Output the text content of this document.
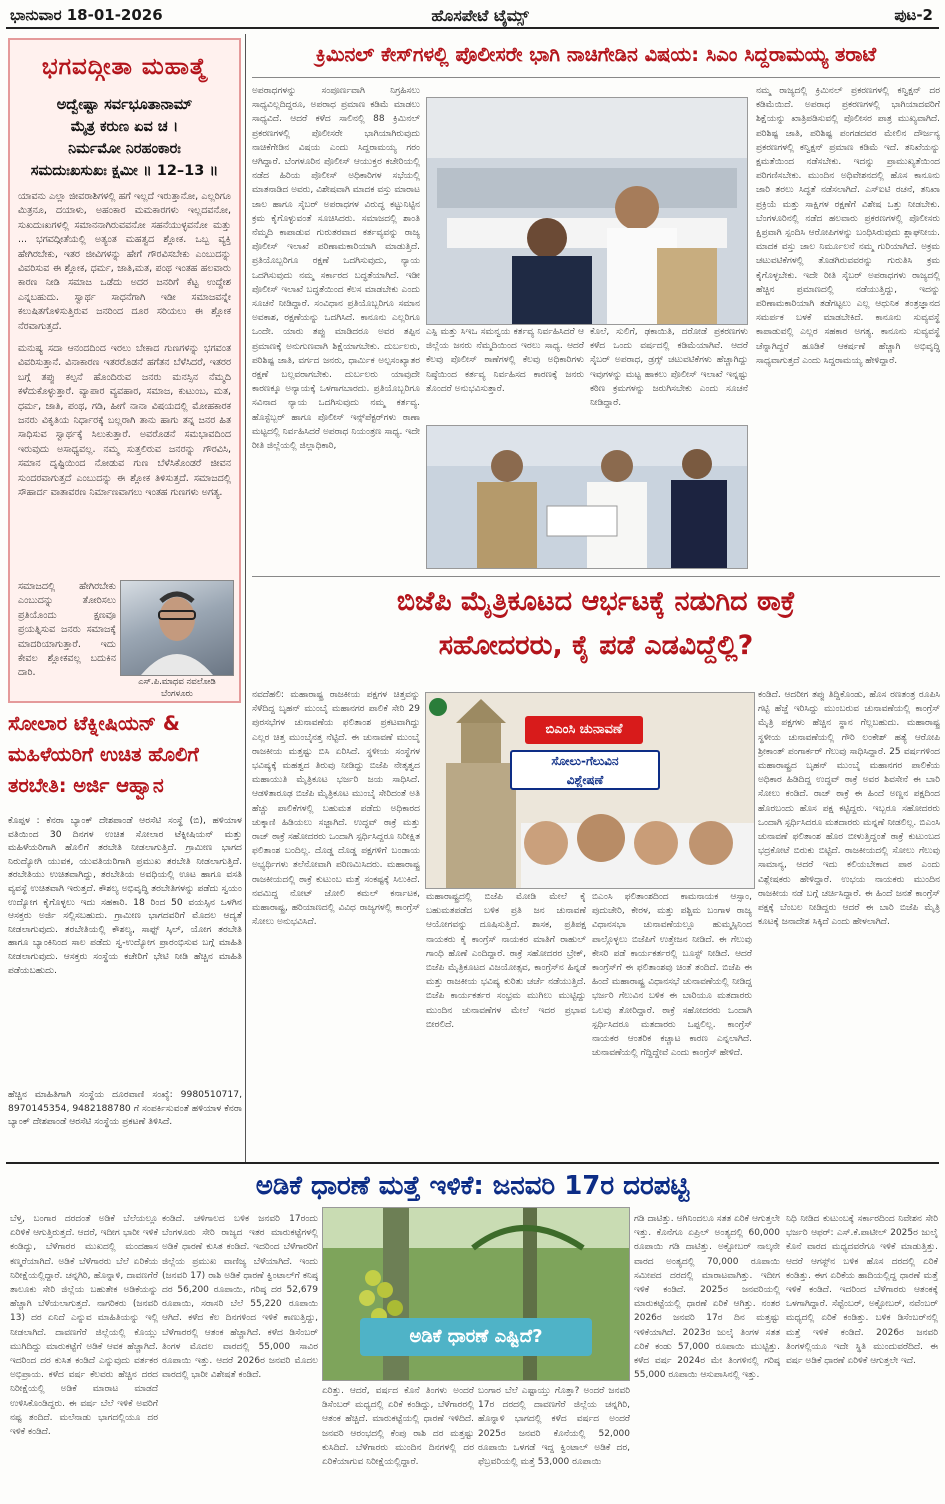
ಭಾನುವಾರ 18-01-2026	ಹೊಸಪೇಟೆ ಟೈಮ್ಸ್	ಪುಟ-2
ಭಗವದ್ಗೀತಾ ಮಹಾತ್ಮೆ
ಅದ್ವೇಷ್ಟಾ ಸರ್ವಭೂತಾನಾಮ್
ಮೈತ್ರ ಕರುಣ ಏವ ಚ ।
ನಿರ್ಮಮೋ ನಿರಹಂಕಾರಃ
ಸಮದುಃಖಸುಖಃ ಕ್ಷಮೀ ॥ 12–13 ॥
ಯಾವನು ಎಲ್ಲಾ ಜೀವರಾಶಿಗಳಲ್ಲಿ ಹಗೆ ಇಲ್ಲದೆ ಇರುತ್ತಾನೋ, ಎಲ್ಲರಿಗೂ ಮಿತ್ರನೂ, ದಯಾಳು, ಅಹಂಕಾರ ಮಮಕಾರಗಳು ಇಲ್ಲದವನೋ, ಸುಖದುಃಖಗಳಲ್ಲಿ ಸಮಾನನಾಗಿರುವವನೋ ಸಹನೆಯುಳ್ಳವನೋ ಮತ್ತು ... ಭಗವದ್ಗೀತೆಯಲ್ಲಿ ಅತ್ಯಂತ ಮಹತ್ವದ ಶ್ಲೋಕ. ಒಬ್ಬ ವ್ಯಕ್ತಿ ಹೇಗಿರಬೇಕು, ಇತರ ಜೀವಿಗಳನ್ನು ಹೇಗೆ ಗೌರವಿಸಬೇಕು ಎಂಬುದನ್ನು ವಿವರಿಸುವ ಈ ಶ್ಲೋಕ, ಧರ್ಮ, ಜಾತಿ,ಮತ, ಪಂಥ ಇಂತಹ ಹಲವಾರು ಕಾರಣ ನೀಡಿ ಸಮಾಜ ಒಡೆದು ಅದರ ಜನರಿಗೆ ಕೆಟ್ಟ ಉದ್ದೇಶ ಎನ್ನಬಹುದು. ಸ್ವಾರ್ಥ ಸಾಧನೆಗಾಗಿ ಇಡೀ ಸಮಾಜವನ್ನೇ ಕಲುಷಿತಗೊಳಿಸುತ್ತಿರುವ ಜನರಿಂದ ದೂರ ಸರಿಯಲು ಈ ಶ್ಲೋಕ ನೆರವಾಗುತ್ತದೆ.
ಮನುಷ್ಯ ಸದಾ ಆನಂದದಿಂದ ಇರಲು ಬೇಕಾದ ಗುಣಗಳನ್ನು ಭಗವಂತ ವಿವರಿಸುತ್ತಾನೆ. ವಿನಾಕಾರಣ ಇತರರೊಡನೆ ಹಗೆತನ ಬೆಳೆಸಿದರೆ, ಇತರರ ಬಗ್ಗೆ ತಪ್ಪು ಕಲ್ಪನೆ ಹೊಂದಿರುವ ಜನರು ಮನಸ್ಸಿನ ನೆಮ್ಮದಿ ಕಳೆದುಕೊಳ್ಳುತ್ತಾರೆ. ವ್ಯಾಪಾರ ವ್ಯವಹಾರ, ಸಮಾಜ, ಕುಟುಂಬ, ಮತ, ಧರ್ಮ, ಜಾತಿ, ಪಂಥ, ಗಡಿ, ಹೀಗೆ ನಾನಾ ವಿಷಯದಲ್ಲಿ ಮೋಹಕಾರಕ ಜನರು ವಿಕೃತಿಯ ನಿರ್ಧಾರಕ್ಕೆ ಬಲ್ಲರಾಗಿ ತಾನು ಹಾಗು ತನ್ನ ಜನರ ಹಿತ ಸಾಧಿಸುವ ಸ್ವಾರ್ಥಕ್ಕೆ ಸಿಲುಕುತ್ತಾರೆ. ಅವರೊಡನೆ ಸಮಭಾವದಿಂದ ಇರುವುದು ಅಸಾಧ್ಯವಲ್ಲ. ನಮ್ಮ ಸುತ್ತಲಿರುವ ಜನರನ್ನು ಗೌರವಿಸಿ, ಸಮಾನ ದೃಷ್ಟಿಯಿಂದ ನೋಡುವ ಗುಣ ಬೆಳೆಸಿಕೊಂಡರೆ ಜೀವನ ಸುಂದರವಾಗುತ್ತದೆ ಎಂಬುದನ್ನು ಈ ಶ್ಲೋಕ ತಿಳಿಸುತ್ತದೆ. ಸಮಾಜದಲ್ಲಿ ಸೌಹಾರ್ದ ವಾತಾವರಣ ನಿರ್ಮಾಣವಾಗಲು ಇಂತಹ ಗುಣಗಳು ಅಗತ್ಯ.
ಸಮಾಜದಲ್ಲಿ ಹೇಗಿರಬೇಕು ಎಂಬುದನ್ನು ತೋರಿಸಲು ಪ್ರತಿಯೊಂದು ಕ್ಷಣವೂ ಪ್ರಯತ್ನಿಸುವ ಜನರು ಸಮಾಜಕ್ಕೆ ಮಾದರಿಯಾಗುತ್ತಾರೆ. ಇದು ಕೇವಲ ಶ್ಲೋಕವಲ್ಲ ಬದುಕಿನ ದಾರಿ.
ಎಸ್.ಪಿ.ಮಾಧವ ನವಲೋಡಿ
ಬೆಂಗಳೂರು
ಸೋಲಾರ ಟೆಕ್ನೀಷಿಯನ್ &
ಮಹಿಳೆಯರಿಗೆ ಉಚಿತ ಹೊಲಿಗೆ
ತರಬೇತಿ: ಅರ್ಜಿ ಆಹ್ವಾನ
ಕೊಪ್ಪಳ : ಕೆನರಾ ಬ್ಯಾಂಕ್ ದೇಶಪಾಂಡೆ ಆರಸೆಟಿ ಸಂಸ್ಥೆ (ಬಿ), ಹಳಿಯಾಳ ವತಿಯಿಂದ 30 ದಿನಗಳ ಉಚಿತ ಸೋಲಾರ ಟೆಕ್ನೀಷಿಯನ್ ಮತ್ತು ಮಹಿಳೆಯರಿಗಾಗಿ ಹೊಲಿಗೆ ತರಬೇತಿ ನೀಡಲಾಗುತ್ತಿದೆ. ಗ್ರಾಮೀಣ ಭಾಗದ ನಿರುದ್ಯೋಗಿ ಯುವಕ, ಯುವತಿಯರಿಗಾಗಿ ಪ್ರಮುಖ ತರಬೇತಿ ನೀಡಲಾಗುತ್ತಿದೆ. ತರಬೇತಿಯು ಉಚಿತವಾಗಿದ್ದು, ತರಬೇತಿಯ ಅವಧಿಯಲ್ಲಿ ಊಟ ಹಾಗೂ ವಸತಿ ವ್ಯವಸ್ಥೆ ಉಚಿತವಾಗಿ ಇರುತ್ತದೆ. ಕೌಶಲ್ಯ ಅಭಿವೃದ್ಧಿ ತರಬೇತಿಗಳನ್ನು ಪಡೆದು ಸ್ವಯಂ ಉದ್ಯೋಗ ಕೈಗೊಳ್ಳಲು ಇದು ಸಹಕಾರಿ. 18 ರಿಂದ 50 ವಯಸ್ಸಿನ ಒಳಗಿನ ಆಸಕ್ತರು ಅರ್ಜಿ ಸಲ್ಲಿಸಬಹುದು. ಗ್ರಾಮೀಣ ಭಾಗದವರಿಗೆ ಮೊದಲ ಆದ್ಯತೆ ನೀಡಲಾಗುವುದು. ತರಬೇತಿಯಲ್ಲಿ ಕೌಶಲ್ಯ, ಸಾಫ್ಟ್ ಸ್ಕಿಲ್, ಯೋಗ ತರಬೇತಿ ಹಾಗೂ ಬ್ಯಾಂಕಿನಿಂದ ಸಾಲ ಪಡೆದು ಸ್ವ-ಉದ್ಯೋಗ ಪ್ರಾರಂಭಿಸುವ ಬಗ್ಗೆ ಮಾಹಿತಿ ನೀಡಲಾಗುವುದು. ಆಸಕ್ತರು ಸಂಸ್ಥೆಯ ಕಚೇರಿಗೆ ಭೇಟಿ ನೀಡಿ ಹೆಚ್ಚಿನ ಮಾಹಿತಿ ಪಡೆಯಬಹುದು.
ಹೆಚ್ಚಿನ ಮಾಹಿತಿಗಾಗಿ ಸಂಸ್ಥೆಯ ದೂರವಾಣಿ ಸಂಖ್ಯೆ: 9980510717, 8970145354, 9482188780 ಗೆ ಸಂಪರ್ಕಿಸುವಂತೆ ಹಳಿಯಾಳ ಕೆನರಾ ಬ್ಯಾಂಕ್ ದೇಶಪಾಂಡೆ ಆರಸೆಟಿ ಸಂಸ್ಥೆಯ ಪ್ರಕಟಣೆ ತಿಳಿಸಿದೆ.
ಕ್ರಿಮಿನಲ್ ಕೇಸ್‌ಗಳಲ್ಲಿ ಪೊಲೀಸರೇ ಭಾಗಿ ನಾಚಿಗೇಡಿನ ವಿಷಯ: ಸಿಎಂ ಸಿದ್ದರಾಮಯ್ಯ ತರಾಟೆ
ಅಪರಾಧಗಳನ್ನು ಸಂಪೂರ್ಣವಾಗಿ ನಿಗ್ರಹಿಸಲು ಸಾಧ್ಯವಿಲ್ಲದಿದ್ದರೂ, ಅಪರಾಧ ಪ್ರಮಾಣ ಕಡಿಮೆ ಮಾಡಲು ಸಾಧ್ಯವಿದೆ. ಆದರೆ ಕಳೆದ ಸಾಲಿನಲ್ಲಿ 88 ಕ್ರಿಮಿನಲ್ ಪ್ರಕರಣಗಳಲ್ಲಿ ಪೊಲೀಸರೇ ಭಾಗಿಯಾಗಿರುವುದು ನಾಚಿಕೆಗೇಡಿನ ವಿಷಯ ಎಂದು ಸಿದ್ದರಾಮಯ್ಯ ಗರಂ ಆಗಿದ್ದಾರೆ. ಬೆಂಗಳೂರಿನ ಪೊಲೀಸ್ ಆಯುಕ್ತರ ಕಚೇರಿಯಲ್ಲಿ ನಡೆದ ಹಿರಿಯ ಪೊಲೀಸ್ ಅಧಿಕಾರಿಗಳ ಸಭೆಯಲ್ಲಿ ಮಾತನಾಡಿದ ಅವರು, ವಿಶೇಷವಾಗಿ ಮಾದಕ ವಸ್ತು ಮಾರಾಟ ಜಾಲ ಹಾಗೂ ಸೈಬರ್ ಅಪರಾಧಗಳ ವಿರುದ್ಧ ಕಟ್ಟುನಿಟ್ಟಿನ ಕ್ರಮ ಕೈಗೊಳ್ಳುವಂತೆ ಸೂಚಿಸಿದರು. ಸಮಾಜದಲ್ಲಿ ಶಾಂತಿ ನೆಮ್ಮದಿ ಕಾಪಾಡುವ ಗುರುತರವಾದ ಕರ್ತವ್ಯವನ್ನು ರಾಜ್ಯ ಪೊಲೀಸ್ ಇಲಾಖೆ ಪರಿಣಾಮಕಾರಿಯಾಗಿ ಮಾಡುತ್ತಿದೆ. ಪ್ರತಿಯೊಬ್ಬರಿಗೂ ರಕ್ಷಣೆ ಒದಗಿಸುವುದು, ನ್ಯಾಯ ಒದಗಿಸುವುದು ನಮ್ಮ ಸರ್ಕಾರದ ಬದ್ಧತೆಯಾಗಿದೆ. ಇಡೀ ಪೊಲೀಸ್ ಇಲಾಖೆ ಬದ್ಧತೆಯಿಂದ ಕೆಲಸ ಮಾಡಬೇಕು ಎಂದು ಸೂಚನೆ ನೀಡಿದ್ದಾರೆ. ಸಂವಿಧಾನ ಪ್ರತಿಯೊಬ್ಬರಿಗೂ ಸಮಾನ ಅವಕಾಶ, ರಕ್ಷಣೆಯನ್ನು ಒದಗಿಸಿದೆ. ಕಾನೂನು ಎಲ್ಲರಿಗೂ ಒಂದೇ. ಯಾರು ತಪ್ಪು ಮಾಡಿದರೂ ಅವರ ತಪ್ಪಿನ ಪ್ರಮಾಣಕ್ಕೆ ಅನುಗುಣವಾಗಿ ಶಿಕ್ಷೆಯಾಗಬೇಕು. ದುರ್ಬಲರು, ಪರಿಶಿಷ್ಟ ಜಾತಿ, ವರ್ಗದ ಜನರು, ಧಾರ್ಮಿಕ ಅಲ್ಪಸಂಖ್ಯಾತರ ರಕ್ಷಣೆ ಬಲ್ಲವರಾಗಬೇಕು. ದುರ್ಬಲರು ಯಾವುದೇ ಕಾರಣಕ್ಕೂ ಅನ್ಯಾಯಕ್ಕೆ ಒಳಗಾಗಬಾರದು. ಪ್ರತಿಯೊಬ್ಬರಿಗೂ ಸವಿನಾದ ನ್ಯಾಯ ಒದಗಿಸುವುದು ನಮ್ಮ ಕರ್ತವ್ಯ. ಹೊಸ್ಟೆಬ್ಬರ್ ಹಾಗೂ ಪೊಲೀಸ್ ಇನ್ಸ್‌ಪೆಕ್ಟರ್‌ಗಳು ಠಾಣಾ ಮಟ್ಟದಲ್ಲಿ ನಿರ್ವಹಿಸಿದರೆ ಅಪರಾಧ ನಿಯಂತ್ರಣ ಸಾಧ್ಯ. ಇದೇ ರೀತಿ ಜಿಲ್ಲೆಯಲ್ಲಿ ಜಿಲ್ಲಾಧಿಕಾರಿ,
ಎಸ್ಪಿ ಮತ್ತು ಸಿಇಒ ಸಮನ್ವಯ ಕರ್ತವ್ಯ ನಿರ್ವಹಿಸಿದರೆ ಆ ಜಿಲ್ಲೆಯ ಜನರು ನೆಮ್ಮದಿಯಿಂದ ಇರಲು ಸಾಧ್ಯ. ಆದರೆ ಕೆಲವು ಪೊಲೀಸ್ ಠಾಣೆಗಳಲ್ಲಿ ಕೆಲವು ಅಧಿಕಾರಿಗಳು ನಿಷ್ಠೆಯಿಂದ ಕರ್ತವ್ಯ ನಿರ್ವಹಿಸದ ಕಾರಣಕ್ಕೆ ಜನರು ತೊಂದರೆ ಅನುಭವಿಸುತ್ತಾರೆ.
ಕೊಲೆ, ಸುಲಿಗೆ, ಢಕಾಯಿತಿ, ದರೋಡೆ ಪ್ರಕರಣಗಳು ಕಳೆದ ಒಂದು ವರ್ಷದಲ್ಲಿ ಕಡಿಮೆಯಾಗಿವೆ. ಆದರೆ ಸೈಬರ್ ಅಪರಾಧ, ಡ್ರಗ್ಸ್ ಚಟುವಟಿಕೆಗಳು ಹೆಚ್ಚಾಗಿದ್ದು ಇವುಗಳನ್ನು ಮಟ್ಟ ಹಾಕಲು ಪೊಲೀಸ್ ಇಲಾಖೆ ಇನ್ನಷ್ಟು ಕಠಿಣ ಕ್ರಮಗಳನ್ನು ಜರುಗಿಸಬೇಕು ಎಂದು ಸೂಚನೆ ನೀಡಿದ್ದಾರೆ.
ನಮ್ಮ ರಾಜ್ಯದಲ್ಲಿ ಕ್ರಿಮಿನಲ್ ಪ್ರಕರಣಗಳಲ್ಲಿ ಕನ್ವಿಕ್ಷನ್ ದರ ಕಡಿಮೆಯಿದೆ. ಅಪರಾಧ ಪ್ರಕರಣಗಳಲ್ಲಿ ಭಾಗಿಯಾದವರಿಗೆ ಶಿಕ್ಷೆಯನ್ನು ಖಾತ್ರಿಪಡಿಸುವಲ್ಲಿ ಪೊಲೀಸರ ಪಾತ್ರ ಮುಖ್ಯವಾಗಿದೆ. ಪರಿಶಿಷ್ಟ ಜಾತಿ, ಪರಿಶಿಷ್ಟ ಪಂಗಡದವರ ಮೇಲಿನ ದೌರ್ಜನ್ಯ ಪ್ರಕರಣಗಳಲ್ಲಿ ಕನ್ವಿಕ್ಷನ್ ಪ್ರಮಾಣ ಕಡಿಮೆ ಇದೆ. ತನಿಖೆಯನ್ನು ಕ್ಷಮತೆಯಿಂದ ನಡೆಸಬೇಕು. ಇದನ್ನು ಪ್ರಾಮುಖ್ಯತೆಯಿಂದ ಪರಿಗಣಿಸಬೇಕು. ಮುಂದಿನ ಅಧಿವೇಶನದಲ್ಲಿ ಹೊಸ ಕಾನೂನು ಜಾರಿ ತರಲು ಸಿದ್ಧತೆ ನಡೆಸಲಾಗಿದೆ. ಎಸ್‌ಐಟಿ ರಚನೆ, ತನಿಖಾ ಪ್ರಕ್ರಿಯೆ ಮತ್ತು ಸಾಕ್ಷಿಗಳ ರಕ್ಷಣೆಗೆ ವಿಶೇಷ ಒತ್ತು ನೀಡಬೇಕು. ಬೆಂಗಳೂರಿನಲ್ಲಿ ನಡೆದ ಹಲವಾರು ಪ್ರಕರಣಗಳಲ್ಲಿ ಪೊಲೀಸರು ಕ್ಷಿಪ್ರವಾಗಿ ಸ್ಪಂದಿಸಿ ಆರೋಪಿಗಳನ್ನು ಬಂಧಿಸಿರುವುದು ಶ್ಲಾಘನೀಯ. ಮಾದಕ ವಸ್ತು ಜಾಲ ನಿರ್ಮೂಲನೆ ನಮ್ಮ ಗುರಿಯಾಗಿದೆ. ಅಕ್ರಮ ಚಟುವಟಿಕೆಗಳಲ್ಲಿ ತೊಡಗಿರುವವರನ್ನು ಗುರುತಿಸಿ ಕ್ರಮ ಕೈಗೊಳ್ಳಬೇಕು. ಇದೇ ರೀತಿ ಸೈಬರ್ ಅಪರಾಧಗಳು ರಾಜ್ಯದಲ್ಲಿ ಹೆಚ್ಚಿನ ಪ್ರಮಾಣದಲ್ಲಿ ನಡೆಯುತ್ತಿದ್ದು, ಇದನ್ನು ಪರಿಣಾಮಕಾರಿಯಾಗಿ ತಡೆಗಟ್ಟಲು ಎಲ್ಲ ಆಧುನಿಕ ತಂತ್ರಜ್ಞಾನದ ಸಮರ್ಪಕ ಬಳಕೆ ಮಾಡಬೇಕಿದೆ. ಕಾನೂನು ಸುವ್ಯವಸ್ಥೆ ಕಾಪಾಡುವಲ್ಲಿ ಎಲ್ಲರ ಸಹಕಾರ ಅಗತ್ಯ. ಕಾನೂನು ಸುವ್ಯವಸ್ಥೆ ಚೆನ್ನಾಗಿದ್ದರೆ ಹೂಡಿಕೆ ಆಕರ್ಷಣೆ ಹೆಚ್ಚಾಗಿ ಅಭಿವೃದ್ಧಿ ಸಾಧ್ಯವಾಗುತ್ತದೆ ಎಂದು ಸಿದ್ದರಾಮಯ್ಯ ಹೇಳಿದ್ದಾರೆ.
ಬಿಜೆಪಿ ಮೈತ್ರಿಕೂಟದ ಆರ್ಭಟಕ್ಕೆ ನಡುಗಿದ ಠಾಕ್ರೆ
ಸಹೋದರರು, ಕೈ ಪಡೆ ಎಡವಿದ್ದೆಲ್ಲಿ?
ನವದೆಹಲಿ: ಮಹಾರಾಷ್ಟ್ರ ರಾಜಕೀಯ ಪಕ್ಷಗಳ ಚಿತ್ತವನ್ನು ಸೆಳೆದಿದ್ದ ಬೃಹನ್ ಮುಂಬೈ ಮಹಾನಗರ ಪಾಲಿಕೆ ಸೇರಿ 29 ಪುರಸಭೆಗಳ ಚುನಾವಣೆಯ ಫಲಿತಾಂಶ ಪ್ರಕಟವಾಗಿದ್ದು ಎಲ್ಲರ ಚಿತ್ತ ಮುಂಬೈನತ್ತ ನೆಟ್ಟಿದೆ. ಈ ಚುನಾವಣೆ ಮುಂಬೈ ರಾಜಕೀಯ ಮತ್ತಷ್ಟು ಬಿಸಿ ಏರಿಸಿದೆ. ಸ್ಥಳೀಯ ಸಂಸ್ಥೆಗಳ ಭವಿಷ್ಯಕ್ಕೆ ಮಹತ್ವದ ತಿರುವು ನೀಡಿದ್ದು ಬಿಜೆಪಿ ನೇತೃತ್ವದ ಮಹಾಯುತಿ ಮೈತ್ರಿಕೂಟ ಭರ್ಜರಿ ಜಯ ಸಾಧಿಸಿದೆ. ಆಡಳಿತಾರೂಢ ಬಿಜೆಪಿ ಮೈತ್ರಿಕೂಟ ಮುಂಬೈ ಸೇರಿದಂತೆ ಅತಿ ಹೆಚ್ಚು ಪಾಲಿಕೆಗಳಲ್ಲಿ ಬಹುಮತ ಪಡೆದು ಅಧಿಕಾರದ ಚುಕ್ಕಾಣಿ ಹಿಡಿಯಲು ಸಜ್ಜಾಗಿದೆ. ಉದ್ಧವ್ ಠಾಕ್ರೆ ಮತ್ತು ರಾಜ್ ಠಾಕ್ರೆ ಸಹೋದರರು ಒಂದಾಗಿ ಸ್ಪರ್ಧಿಸಿದ್ದರೂ ನಿರೀಕ್ಷಿತ ಫಲಿತಾಂಶ ಬಂದಿಲ್ಲ. ದೊಡ್ಡ ದೊಡ್ಡ ಪಕ್ಷಗಳಿಗೆ ಬಂಡಾಯ ಅಭ್ಯರ್ಥಿಗಳು ತಲೆನೋವಾಗಿ ಪರಿಣಮಿಸಿದರು. ಮಹಾರಾಷ್ಟ್ರ ರಾಜಕೀಯದಲ್ಲಿ ಠಾಕ್ರೆ ಕುಟುಂಬ ಮತ್ತೆ ಸಂಕಷ್ಟಕ್ಕೆ ಸಿಲುಕಿದೆ. ನವಮಿದ್ದ ನೋಟ್ ಜೋಲಿ ಕಮಲ್ ಕರ್ನಾಟಕ, ಮಹಾರಾಷ್ಟ್ರ, ಹರಿಯಾಣದಲ್ಲಿ ವಿವಿಧ ರಾಜ್ಯಗಳಲ್ಲಿ ಕಾಂಗ್ರೆಸ್ ಸೋಲು ಅನುಭವಿಸಿದೆ.
ಬಿಎಂಸಿ ಚುನಾವಣೆ
ಸೋಲು-ಗೆಲುವಿನ
ವಿಶ್ಲೇಷಣೆ
ಮಹಾರಾಷ್ಟ್ರದಲ್ಲಿ ಬಿಜೆಪಿ ಮೋಡಿ ಮೇಲೆ ಕೈ ಬಹುಮತಪಡೆದ ಬಳಿಕ ಪ್ರತಿ ಜನ ಚುನಾವಣೆ ಆಯೋಗವನ್ನು ದೂಷಿಸುತ್ತಿದೆ. ಶಾಸಕ, ಪ್ರತಿಪಕ್ಷ ನಾಯಕರು ಕೈ ಕಾಂಗ್ರೆಸ್ ನಾಯಕರ ಮಾತಿಗೆ ರಾಹುಲ್ ಗಾಂಧಿ ಹೊಣೆ ಎಂದಿದ್ದಾರೆ. ಠಾಕ್ರೆ ಸಹೋದರರ ಬ್ರೇಕ್, ಬಿಜೆಪಿ ಮೈತ್ರಿಕೂಟದ ವಿಜಯೋತ್ಸವ, ಕಾಂಗ್ರೆಸ್‌ನ ಹಿನ್ನಡೆ ಮತ್ತು ರಾಜಕೀಯ ಭವಿಷ್ಯ ಕುರಿತು ಚರ್ಚೆ ನಡೆಯುತ್ತಿದೆ. ಬಿಜೆಪಿ ಕಾರ್ಯಕರ್ತರ ಸಂಭ್ರಮ ಮುಗಿಲು ಮುಟ್ಟಿದ್ದು ಮುಂದಿನ ಚುನಾವಣೆಗಳ ಮೇಲೆ ಇದರ ಪ್ರಭಾವ ಬೀರಲಿದೆ.
ಬಿಎಂಸಿ ಫಲಿತಾಂಶದಿಂದ ಕಾಮನಾಯಕ ಆಸ್ಸಾಂ, ಪುದುಚೇರಿ, ಕೇರಳ, ಮತ್ತು ಪಶ್ಚಿಮ ಬಂಗಾಳ ರಾಜ್ಯ ವಿಧಾನಸಭಾ ಚುನಾವಣೆಯಲ್ಲೂ ಹುಮ್ಮಸ್ಸಿನಿಂದ ಪಾಲ್ಗೊಳ್ಳಲು ಬಿಜೆಪಿಗೆ ಉತ್ತೇಜನ ನೀಡಿದೆ. ಈ ಗೆಲುವು ಕೇಸರಿ ಪಡೆ ಕಾರ್ಯಕರ್ತರಲ್ಲಿ ಬೂಸ್ಟ್ ನೀಡಿದೆ. ಆದರೆ ಕಾಂಗ್ರೆಸ್‌ಗೆ ಈ ಫಲಿತಾಂಶವು ಚಿಂತೆ ತಂದಿದೆ. ಬಿಜೆಪಿ ಈ ಹಿಂದೆ ಮಹಾರಾಷ್ಟ್ರ ವಿಧಾನಸಭೆ ಚುನಾವಣೆಯಲ್ಲಿ ನೀಡಿದ್ದ ಭರ್ಜರಿ ಗೆಲುವಿನ ಬಳಿಕ ಈ ಬಾರಿಯೂ ಮತದಾರರು ಒಲವು ತೋರಿದ್ದಾರೆ. ಠಾಕ್ರೆ ಸಹೋದರರು ಒಂದಾಗಿ ಸ್ಪರ್ಧಿಸಿದರೂ ಮತದಾರರು ಒಪ್ಪಲಿಲ್ಲ. ಕಾಂಗ್ರೆಸ್ ನಾಯಕರ ಆಂತರಿಕ ಕಚ್ಚಾಟ ಕಾರಣ ಎನ್ನಲಾಗಿದೆ. ಚುನಾವಣೆಯಲ್ಲಿ ಗೆದ್ದಿದ್ದೇವೆ ಎಂದು ಕಾಂಗ್ರೆಸ್ ಹೇಳಿದೆ.
ಕಂಡಿದೆ. ಆದರೀಗ ತಪ್ಪು ತಿದ್ದಿಕೊಂಡು, ಹೊಸ ರಣತಂತ್ರ ರೂಪಿಸಿ ಗಟ್ಟಿ ಹೆಜ್ಜೆ ಇರಿಸಿದ್ದು ಮುಂಬರುವ ಚುನಾವಣೆಯಲ್ಲಿ ಕಾಂಗ್ರೆಸ್ ಮೈತ್ರಿ ಪಕ್ಷಗಳು ಹೆಚ್ಚಿನ ಸ್ಥಾನ ಗೆಲ್ಲಬಹುದು. ಮಹಾರಾಷ್ಟ್ರ ಸ್ಥಳೀಯ ಚುನಾವಣೆಯಲ್ಲಿ ಗೌರಿ ಲಂಕೇಶ್ ಹತ್ಯೆ ಆರೋಪಿ ಶ್ರೀಕಾಂತ್ ಪಂಗಾರ್ಕರ್ ಗೆಲುವು ಸಾಧಿಸಿದ್ದಾರೆ. 25 ವರ್ಷಗಳಿಂದ ಮಹಾರಾಷ್ಟ್ರದ ಬೃಹನ್ ಮುಂಬೈ ಮಹಾನಗರ ಪಾಲಿಕೆಯ ಅಧಿಕಾರ ಹಿಡಿದಿದ್ದ ಉದ್ಧವ್ ಠಾಕ್ರೆ ಅವರ ಶಿವಸೇನೆ ಈ ಬಾರಿ ಸೋಲು ಕಂಡಿದೆ. ರಾಜ್ ಠಾಕ್ರೆ ಈ ಹಿಂದೆ ಅಣ್ಣನ ಪಕ್ಷದಿಂದ ಹೊರಬಂದು ಹೊಸ ಪಕ್ಷ ಕಟ್ಟಿದ್ದರು. ಇಬ್ಬರೂ ಸಹೋದರರು ಒಂದಾಗಿ ಸ್ಪರ್ಧಿಸಿದರೂ ಮತದಾರರು ಮನ್ನಣೆ ನೀಡಲಿಲ್ಲ. ಬಿಎಂಸಿ ಚುನಾವಣೆ ಫಲಿತಾಂಶ ಹೊರ ಬೀಳುತ್ತಿದ್ದಂತೆ ಠಾಕ್ರೆ ಕುಟುಂಬದ ಭದ್ರಕೋಟೆ ಬಿರುಕು ಬಿಟ್ಟಿದೆ. ರಾಜಕೀಯದಲ್ಲಿ ಸೋಲು ಗೆಲುವು ಸಾಮಾನ್ಯ, ಆದರೆ ಇದು ಕಲಿಯಬೇಕಾದ ಪಾಠ ಎಂದು ವಿಶ್ಲೇಷಕರು ಹೇಳಿದ್ದಾರೆ. ಉಭಯ ನಾಯಕರು ಮುಂದಿನ ರಾಜಕೀಯ ನಡೆ ಬಗ್ಗೆ ಚರ್ಚಿಸಿದ್ದಾರೆ. ಈ ಹಿಂದೆ ಜನತೆ ಕಾಂಗ್ರೆಸ್ ಪಕ್ಷಕ್ಕೆ ಬೆಂಬಲ ನೀಡಿದ್ದರು ಆದರೆ ಈ ಬಾರಿ ಬಿಜೆಪಿ ಮೈತ್ರಿ ಕೂಟಕ್ಕೆ ಜನಾದೇಶ ಸಿಕ್ಕಿದೆ ಎಂದು ಹೇಳಲಾಗಿದೆ.
ಅಡಿಕೆ ಧಾರಣೆ ಮತ್ತೆ ಇಳಿಕೆ: ಜನವರಿ 17ರ ದರಪಟ್ಟಿ
ಬೆಳ್ತ, ಬಂಗಾರ ದರದಂತೆ ಅಡಿಕೆ ಬೆಲೆಯಲ್ಲೂ ಏರಿಳಿಕೆ ಆಗುತ್ತಿರುತ್ತದೆ. ಆದರೆ, ಇದೀಗ ಭಾರೀ ಇಳಿಕೆ ಕಂಡಿದ್ದು, ಬೆಳೆಗಾರರ ಮುಖದಲ್ಲಿ ಮಂದಹಾಸ ಕಣ್ಮರೆಯಾಗಿದೆ. ಅಡಿಕೆ ಬೆಳೆಗಾರರು ಬೆಲೆ ಏರಿಕೆಯ ನಿರೀಕ್ಷೆಯಲ್ಲಿದ್ದಾರೆ. ಚನ್ನಗಿರಿ, ಹೊನ್ನಾಳಿ, ದಾವಣಗೆರೆ ತಾಲೂಕು ಸೇರಿ ಜಿಲ್ಲೆಯ ಬಹುತೇಕ ಅಡಿಕೆಯನ್ನು ಹೆಚ್ಚಾಗಿ ಬೆಳೆಯಲಾಗುತ್ತದೆ. ನಾಗರಿಕರು (ಜನವರಿ 13) ದರ ಏನಿದೆ ಎನ್ನುವ ಮಾಹಿತಿಯನ್ನು ಇಲ್ಲಿ ನೀಡಲಾಗಿದೆ. ದಾವಣಗೆರೆ ಜಿಲ್ಲೆಯಲ್ಲಿ ಕೊಯ್ಲು ಮುಗಿದಿದ್ದು ಮಾರುಕಟ್ಟೆಗೆ ಅಡಿಕೆ ಆವಕ ಹೆಚ್ಚಾಗಿದೆ. ಇದರಿಂದ ದರ ಕುಸಿತ ಕಂಡಿದೆ ಎನ್ನುವುದು ವರ್ತಕರ ಅಭಿಪ್ರಾಯ. ಕಳೆದ ವರ್ಷ ಕೆಲವರು ಹೆಚ್ಚಿನ ದರದ ನಿರೀಕ್ಷೆಯಲ್ಲಿ ಅಡಿಕೆ ಮಾರಾಟ ಮಾಡದೆ ಉಳಿಸಿಕೊಂಡಿದ್ದರು. ಈ ವರ್ಷ ಬೆಲೆ ಇಳಿಕೆ ಅವರಿಗೆ ನಷ್ಟ ತಂದಿದೆ. ಮಲೆನಾಡು ಭಾಗದಲ್ಲಿಯೂ ದರ ಇಳಿಕೆ ಕಂಡಿದೆ.
ಕಂಡಿದೆ. ಚಳಿಗಾಲದ ಬಳಿಕ ಜನವರಿ 17ರಂದು ಬೆಂಗಳೂರು ಸೇರಿ ರಾಜ್ಯದ ಇತರ ಮಾರುಕಟ್ಟೆಗಳಲ್ಲಿ ಅಡಿಕೆ ಧಾರಣೆ ಕುಸಿತ ಕಂಡಿದೆ. ಇದರಿಂದ ಬೆಳೆಗಾರರಿಗೆ ಜಿಲ್ಲೆಯ ಪ್ರಮುಖ ವಾಣಿಜ್ಯ ಬೆಳೆಯಾಗಿದೆ. ಇಂದು (ಜನವರಿ 17) ರಾಶಿ ಅಡಿಕೆ ಧಾರಣೆ ಕ್ವಿಂಟಾಲ್‌ಗೆ ಕನಿಷ್ಠ ದರ 56,200 ರೂಪಾಯಿ, ಗರಿಷ್ಠ ದರ 52,679 ರೂಪಾಯಿ, ಸರಾಸರಿ ಬೆಲೆ 55,220 ರೂಪಾಯಿ ಆಗಿದೆ. ಕಳೆದ ಕೆಲ ದಿನಗಳಿಂದ ಇಳಿಕೆ ಕಾಣುತ್ತಿದ್ದು, ಬೆಳೆಗಾರರಲ್ಲಿ ಆತಂಕ ಹೆಚ್ಚಾಗಿದೆ. ಕಳೆದ ಡಿಸೆಂಬರ್ ತಿಂಗಳ ಮೊದಲ ವಾರದಲ್ಲಿ 55,000 ಸಾವಿರ ರೂಪಾಯಿ ಇತ್ತು. ಆದರೆ 2026ರ ಜನವರಿ ಮೊದಲ ವಾರದಲ್ಲಿ ಭಾರೀ ವಿಶೇಷತೆ ಕಂಡಿದೆ.
ಅಡಿಕೆ ಧಾರಣೆ ಎಷ್ಟಿದೆ?
ಏರಿತ್ತು. ಆದರೆ, ವರ್ಷದ ಕೊನೆ ತಿಂಗಳು ಅಂದರೆ ಡಿಸೆಂಬರ್ ಮಧ್ಯದಲ್ಲಿ ಏರಿಕೆ ಕಂಡಿದ್ದು, ಬೆಳೆಗಾರರಲ್ಲಿ ಆತಂಕ ಹೆಚ್ಚಿದೆ. ಮಾರುಕಟ್ಟೆಯಲ್ಲಿ ಧಾರಣೆ ಇಳಿದಿದೆ. ಜನವರಿ ಆರಂಭದಲ್ಲಿ ಕೆಂಪು ರಾಶಿ ದರ ಮತ್ತಷ್ಟು ಕುಸಿದಿದೆ. ಬೆಳೆಗಾರರು ಮುಂದಿನ ದಿನಗಳಲ್ಲಿ ದರ ಏರಿಕೆಯಾಗುವ ನಿರೀಕ್ಷೆಯಲ್ಲಿದ್ದಾರೆ.
ಬಂಗಾರ ಬೆಲೆ ಎಷ್ಟಾಯ್ತು ಗೊತ್ತಾ? ಅಂದರೆ ಜನವರಿ 17ರ ದರದಲ್ಲಿ ದಾವಣಗೆರೆ ಜಿಲ್ಲೆಯ ಚನ್ನಗಿರಿ, ಹೊನ್ನಾಳಿ ಭಾಗದಲ್ಲಿ ಕಳೆದ ವರ್ಷದ ಅಂದರೆ 2025ರ ಜನವರಿ ಕೊನೆಯಲ್ಲಿ 52,000 ರೂಪಾಯಿ ಒಳಗಡೆ ಇದ್ದ ಕ್ವಿಂಟಾಲ್ ಅಡಿಕೆ ದರ, ಫೆಬ್ರವರಿಯಲ್ಲಿ ಮತ್ತೆ 53,000 ರೂಪಾಯಿ
ಗಡಿ ದಾಟಿತ್ತು. ಆಗಿನಿಂದಲೂ ಸತತ ಏರಿಕೆ ಆಗುತ್ತಲೇ ಇತ್ತು. ಕೊನೆಗೂ ಏಪ್ರಿಲ್ ಅಂತ್ಯದಲ್ಲಿ 60,000 ರೂಪಾಯಿ ಗಡಿ ದಾಟಿತ್ತು. ಅಕ್ಟೋಬರ್ ನಾಲ್ಕನೇ ವಾರದ ಅಂತ್ಯದಲ್ಲಿ 70,000 ರೂಪಾಯಿ ಸಮೀಪದ ದರದಲ್ಲಿ ಮಾರಾಟವಾಗಿತ್ತು. ಇದೀಗ ಇಳಿಕೆ ಕಂಡಿದೆ. 2025ರ ಜನವರಿಯಲ್ಲಿ ಮಾರುಕಟ್ಟೆಯಲ್ಲಿ ಧಾರಣೆ ಏರಿಕೆ ಆಗಿತ್ತು. ನಂತರ 2026ರ ಜನವರಿ 17ರ ದಿನ ಮತ್ತಷ್ಟು ಇಳಿಕೆಯಾಗಿದೆ. 2023ರ ಜುಲೈ ತಿಂಗಳ ಸತತ ಏರಿಕೆ ಕಂಡು 57,000 ರೂಪಾಯಿ ಮುಟ್ಟಿತ್ತು. ಕಳೆದ ವರ್ಷ 2024ರ ಮೇ ತಿಂಗಳಿನಲ್ಲಿ ಗರಿಷ್ಠ 55,000 ರೂಪಾಯಿ ಆಸುಪಾಸಿನಲ್ಲಿ ಇತ್ತು.
ನಿಧಿ ನೀಡಿದ ಕುಟುಂಬಕ್ಕೆ ಸರ್ಕಾರದಿಂದ ನಿವೇಶನ ಸೇರಿ ಭರ್ಜರಿ ಆಫರ್: ಎಸ್.ಕೆ.ಪಾಟೀಲ್ 2025ರ ಜುಲೈ ಕೊನೆ ವಾರದ ಮಧ್ಯದವರೆಗೂ ಇಳಿಕೆ ಮಾಡುತ್ತಿತ್ತು. ಆದರೆ ಆಗಸ್ಟ್‌ನ ಬಳಿಕ ಹೊಸ ದರದಲ್ಲಿ ಏರಿಕೆ ಕಂಡಿತ್ತು. ಈಗ ಏರಿಕೆಯ ಹಾದಿಯಲ್ಲಿದ್ದ ಧಾರಣೆ ಮತ್ತೆ ಇಳಿಕೆ ಕಂಡಿದೆ. ಇದರಿಂದ ಬೆಳೆಗಾರರು ಆತಂಕಕ್ಕೆ ಒಳಗಾಗಿದ್ದಾರೆ. ಸೆಪ್ಟೆಂಬರ್, ಅಕ್ಟೋಬರ್, ನವೆಂಬರ್ ಮಧ್ಯದಲ್ಲಿ ಏರಿಕೆ ಕಂಡಿತ್ತು. ಬಳಿಕ ಡಿಸೆಂಬರ್‌ನಲ್ಲಿ ಮತ್ತೆ ಇಳಿಕೆ ಕಂಡಿದೆ. 2026ರ ಜನವರಿ ತಿಂಗಳಲ್ಲಿಯೂ ಇದೇ ಸ್ಥಿತಿ ಮುಂದುವರೆದಿದೆ. ಈ ವರ್ಷ ಅಡಿಕೆ ಧಾರಣೆ ಏರಿಳಿಕೆ ಆಗುತ್ತಲೇ ಇದೆ.
